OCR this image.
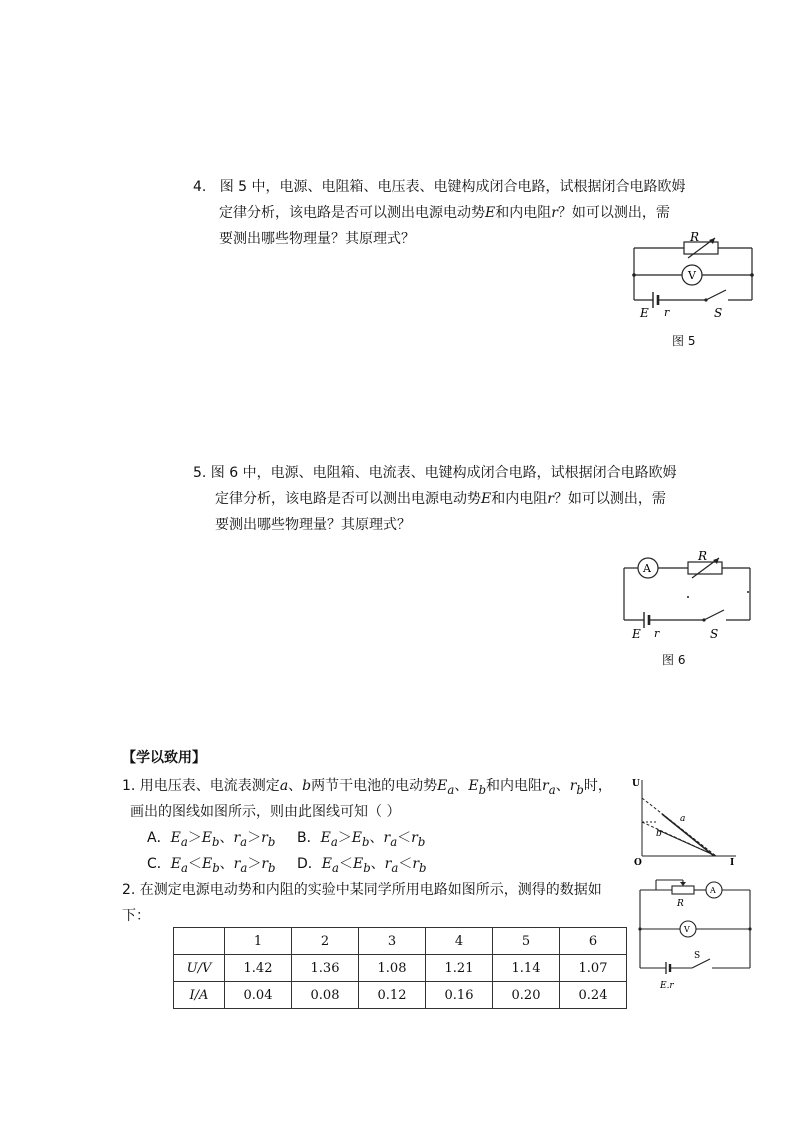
4.   图 5 中，电源、电阻箱、电压表、电键构成闭合电路，试根据闭合电路欧姆
定律分析，该电路是否可以测出电源电动势E和内电阻r？如可以测出，需
要测出哪些物理量？其原理式？	R
V
E r	S
图 5
5. 图 6 中，电源、电阻箱、电流表、电键构成闭合电路，试根据闭合电路欧姆
定律分析，该电路是否可以测出电源电动势E和内电阻r？如可以测出，需
要测出哪些物理量？其原理式？
R
A
E r	S
图 6
【学以致用】
1. 用电压表、电流表测定a、b两节干电池的电动势$E_a$、$E_b$和内电阻$r_a$、$r_b$时，
画出的图线如图所示，则由此图线可知（ ）
A．$E_a>E_b$、$r_a>r_b$ B．$E_a>E_b$、$r_a<r_b$
C．$E_a<E_b$、$r_a>r_b$ D．$E_a<E_b$、$r_a<r_b$
U
I
O
a
b
2. 在测定电源电动势和内阻的实验中某同学所用电路如图所示，测得的数据如
下：
	1	2	3	4	5	6
U/V	1.42	1.36	1.08	1.21	1.14	1.07
I/A	0.04	0.08	0.12	0.16	0.20	0.24
R
A
V
S
E.r
